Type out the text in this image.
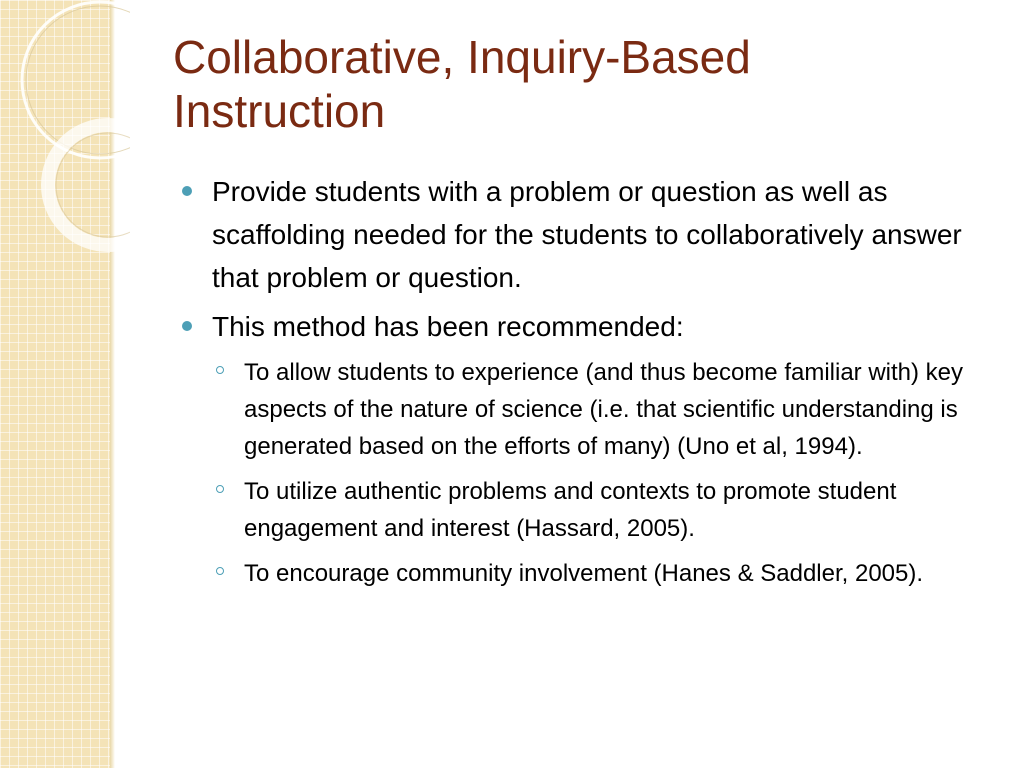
Collaborative, Inquiry-Based Instruction
Provide students with a problem or question as well as scaffolding needed for the students to collaboratively answer that problem or question.
This method has been recommended:
To allow students to experience (and thus become familiar with) key aspects of the nature of science (i.e. that scientific understanding is generated based on the efforts of many) (Uno et al, 1994).
To utilize authentic problems and contexts to promote student engagement and interest (Hassard, 2005).
To encourage community involvement (Hanes & Saddler, 2005).
